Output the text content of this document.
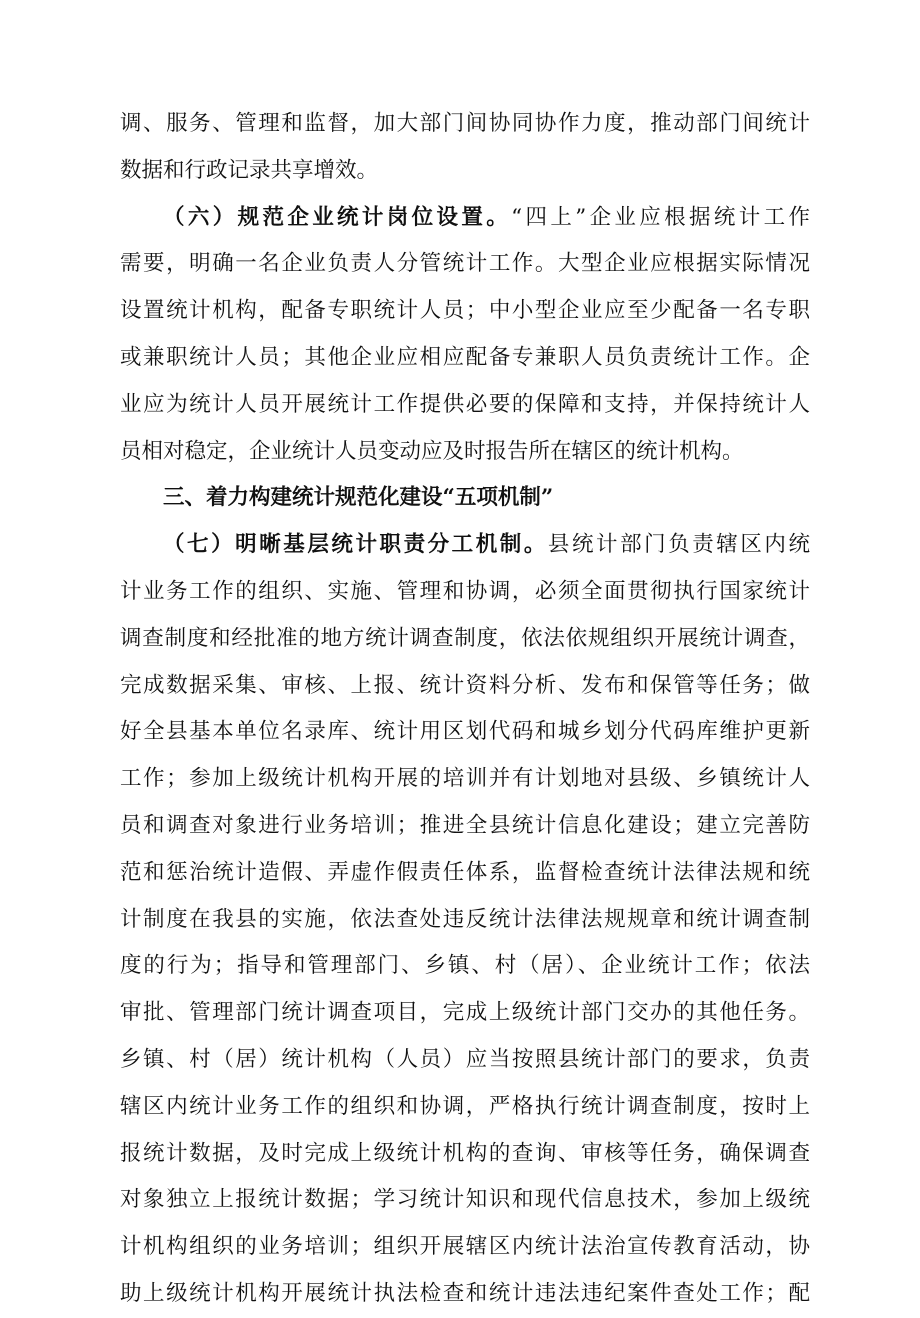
调、服务、管理和监督，加大部门间协同协作力度，推动部门间统计
数据和行政记录共享增效。
（六）规范企业统计岗位设置。“四上”企业应根据统计工作
需要，明确一名企业负责人分管统计工作。大型企业应根据实际情况
设置统计机构，配备专职统计人员；中小型企业应至少配备一名专职
或兼职统计人员；其他企业应相应配备专兼职人员负责统计工作。企
业应为统计人员开展统计工作提供必要的保障和支持，并保持统计人
员相对稳定，企业统计人员变动应及时报告所在辖区的统计机构。
三、着力构建统计规范化建设“五项机制”
（七）明晰基层统计职责分工机制。县统计部门负责辖区内统
计业务工作的组织、实施、管理和协调，必须全面贯彻执行国家统计
调查制度和经批准的地方统计调查制度，依法依规组织开展统计调查，
完成数据采集、审核、上报、统计资料分析、发布和保管等任务；做
好全县基本单位名录库、统计用区划代码和城乡划分代码库维护更新
工作；参加上级统计机构开展的培训并有计划地对县级、乡镇统计人
员和调查对象进行业务培训；推进全县统计信息化建设；建立完善防
范和惩治统计造假、弄虚作假责任体系，监督检查统计法律法规和统
计制度在我县的实施，依法查处违反统计法律法规规章和统计调查制
度的行为；指导和管理部门、乡镇、村（居）、企业统计工作；依法
审批、管理部门统计调查项目，完成上级统计部门交办的其他任务。
乡镇、村（居）统计机构（人员）应当按照县统计部门的要求，负责
辖区内统计业务工作的组织和协调，严格执行统计调查制度，按时上
报统计数据，及时完成上级统计机构的查询、审核等任务，确保调查
对象独立上报统计数据；学习统计知识和现代信息技术，参加上级统
计机构组织的业务培训；组织开展辖区内统计法治宣传教育活动，协
助上级统计机构开展统计执法检查和统计违法违纪案件查处工作；配
